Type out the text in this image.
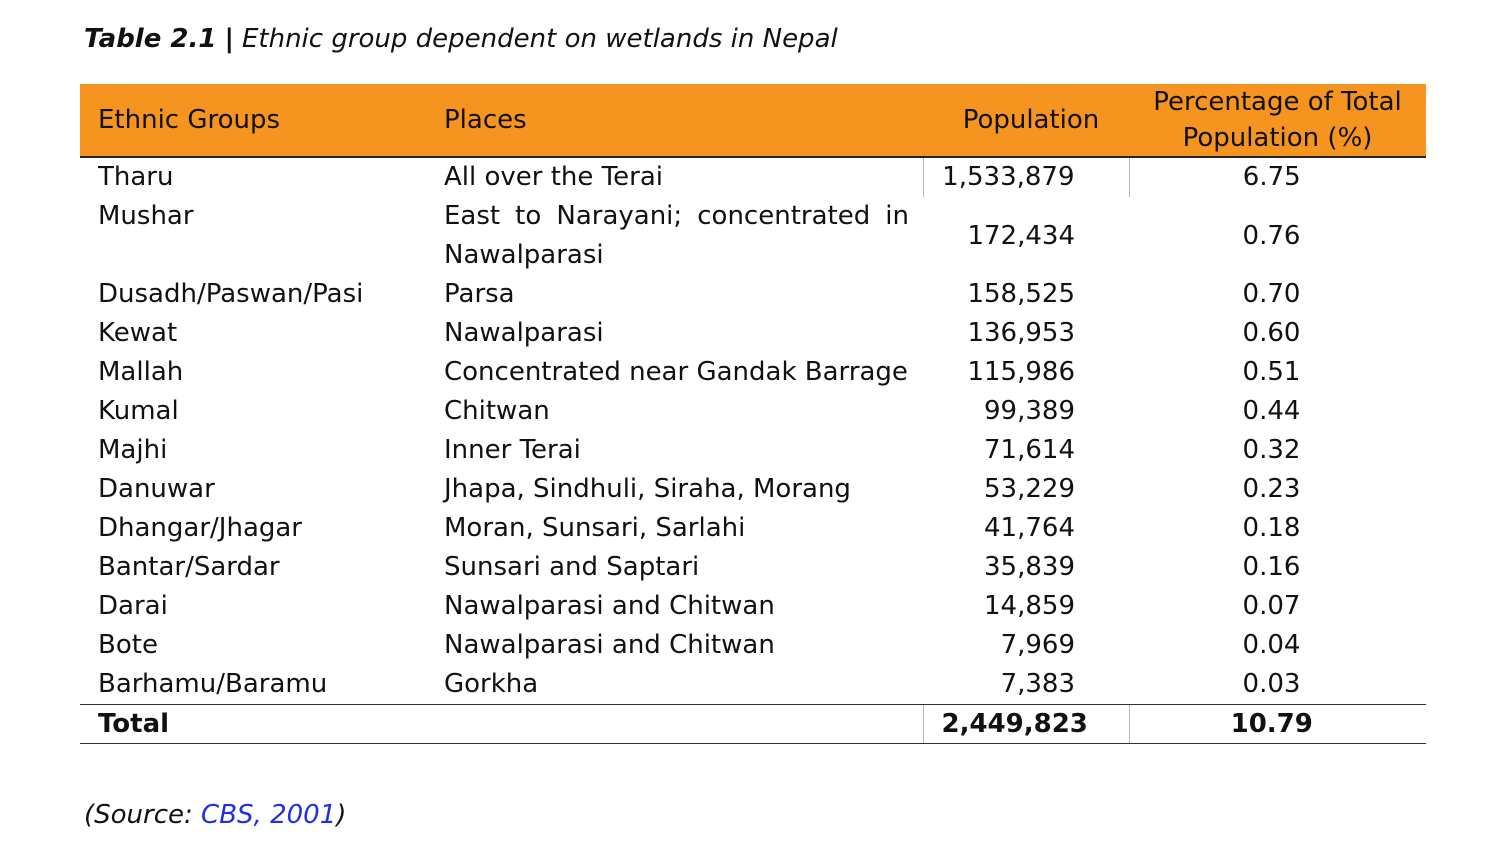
Table 2.1 | Ethnic group dependent on wetlands in Nepal
Ethnic Groups	Places	Population	Percentage of Total Population (%)
Tharu	All over the Terai	1,533,879	6.75
Mushar	East to Narayani; concentrated in Nawalparasi	172,434	0.76
Dusadh/Paswan/Pasi	Parsa	158,525	0.70
Kewat	Nawalparasi	136,953	0.60
Mallah	Concentrated near Gandak Barrage	115,986	0.51
Kumal	Chitwan	99,389	0.44
Majhi	Inner Terai	71,614	0.32
Danuwar	Jhapa, Sindhuli, Siraha, Morang	53,229	0.23
Dhangar/Jhagar	Moran, Sunsari, Sarlahi	41,764	0.18
Bantar/Sardar	Sunsari and Saptari	35,839	0.16
Darai	Nawalparasi and Chitwan	14,859	0.07
Bote	Nawalparasi and Chitwan	7,969	0.04
Barhamu/Baramu	Gorkha	7,383	0.03
Total		2,449,823	10.79
(Source: CBS, 2001)
